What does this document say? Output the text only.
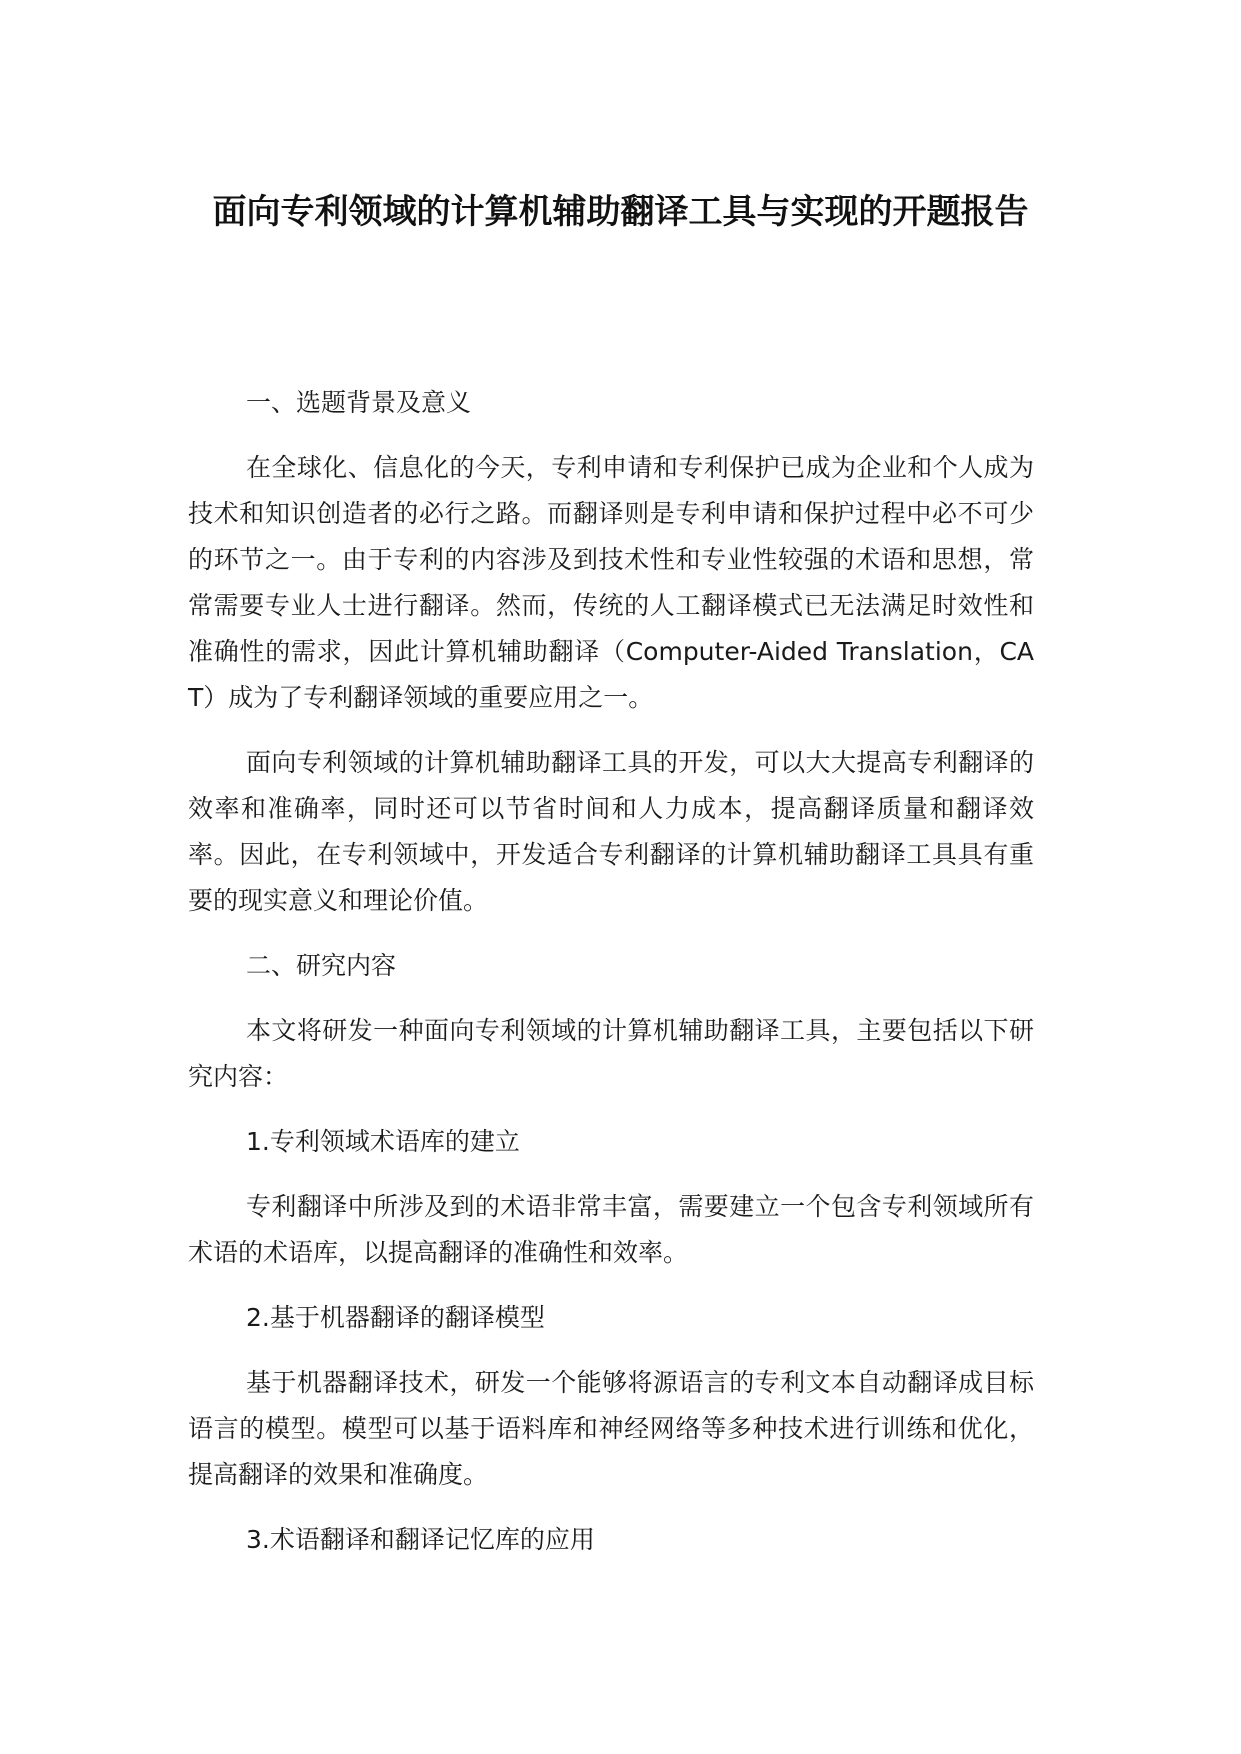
面向专利领域的计算机辅助翻译工具与实现的开题报告

一、选题背景及意义

在全球化、信息化的今天，专利申请和专利保护已成为企业和个人成为技术和知识创造者的必行之路。而翻译则是专利申请和保护过程中必不可少的环节之一。由于专利的内容涉及到技术性和专业性较强的术语和思想，常常需要专业人士进行翻译。然而，传统的人工翻译模式已无法满足时效性和准确性的需求，因此计算机辅助翻译（Computer-Aided Translation，CAT）成为了专利翻译领域的重要应用之一。

面向专利领域的计算机辅助翻译工具的开发，可以大大提高专利翻译的效率和准确率，同时还可以节省时间和人力成本，提高翻译质量和翻译效率。因此，在专利领域中，开发适合专利翻译的计算机辅助翻译工具具有重要的现实意义和理论价值。

二、研究内容

本文将研发一种面向专利领域的计算机辅助翻译工具，主要包括以下研究内容：

1.专利领域术语库的建立

专利翻译中所涉及到的术语非常丰富，需要建立一个包含专利领域所有术语的术语库，以提高翻译的准确性和效率。

2.基于机器翻译的翻译模型

基于机器翻译技术，研发一个能够将源语言的专利文本自动翻译成目标语言的模型。模型可以基于语料库和神经网络等多种技术进行训练和优化，提高翻译的效果和准确度。

3.术语翻译和翻译记忆库的应用
